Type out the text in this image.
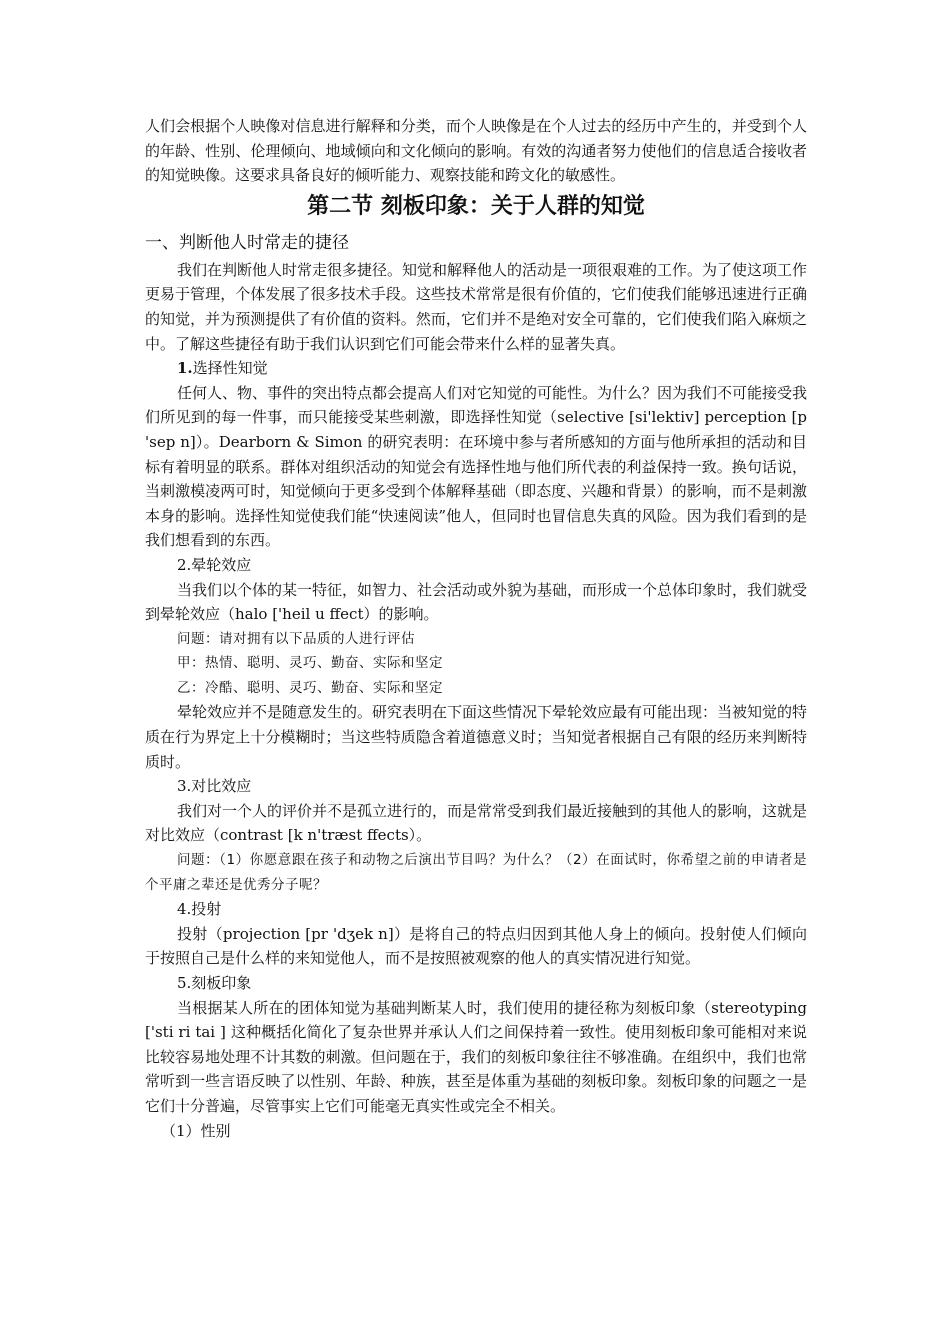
人们会根据个人映像对信息进行解释和分类，而个人映像是在个人过去的经历中产生的，并受到个人的年龄、性别、伦理倾向、地域倾向和文化倾向的影响。有效的沟通者努力使他们的信息适合接收者的知觉映像。这要求具备良好的倾听能力、观察技能和跨文化的敏感性。

第二节 刻板印象：关于人群的知觉
一、判断他人时常走的捷径

我们在判断他人时常走很多捷径。知觉和解释他人的活动是一项很艰难的工作。为了使这项工作更易于管理，个体发展了很多技术手段。这些技术常常是很有价值的，它们使我们能够迅速进行正确的知觉，并为预测提供了有价值的资料。然而，它们并不是绝对安全可靠的，它们使我们陷入麻烦之中。了解这些捷径有助于我们认识到它们可能会带来什么样的显著失真。

1.选择性知觉

任何人、物、事件的突出特点都会提高人们对它知觉的可能性。为什么？因为我们不可能接受我们所见到的每一件事，而只能接受某些刺激，即选择性知觉（selective [si'lektiv] perception [p 'sep n]）。Dearborn & Simon 的研究表明：在环境中参与者所感知的方面与他所承担的活动和目标有着明显的联系。群体对组织活动的知觉会有选择性地与他们所代表的利益保持一致。换句话说，当刺激模凌两可时，知觉倾向于更多受到个体解释基础（即态度、兴趣和背景）的影响，而不是刺激本身的影响。选择性知觉使我们能“快速阅读”他人，但同时也冒信息失真的风险。因为我们看到的是我们想看到的东西。

2.晕轮效应

当我们以个体的某一特征，如智力、社会活动或外貌为基础，而形成一个总体印象时，我们就受到晕轮效应（halo ['heil u ffect）的影响。

问题：请对拥有以下品质的人进行评估

甲：热情、聪明、灵巧、勤奋、实际和坚定

乙：冷酷、聪明、灵巧、勤奋、实际和坚定

晕轮效应并不是随意发生的。研究表明在下面这些情况下晕轮效应最有可能出现：当被知觉的特质在行为界定上十分模糊时；当这些特质隐含着道德意义时；当知觉者根据自己有限的经历来判断特质时。

3.对比效应

我们对一个人的评价并不是孤立进行的，而是常常受到我们最近接触到的其他人的影响，这就是对比效应（contrast [k n'træst ffects）。

问题：（1）你愿意跟在孩子和动物之后演出节目吗？为什么？（2）在面试时，你希望之前的申请者是个平庸之辈还是优秀分子呢？

4.投射

投射（projection [pr 'dʒek n]）是将自己的特点归因到其他人身上的倾向。投射使人们倾向于按照自己是什么样的来知觉他人，而不是按照被观察的他人的真实情况进行知觉。

5.刻板印象

当根据某人所在的团体知觉为基础判断某人时，我们使用的捷径称为刻板印象（stereotyping ['sti ri tai ] 这种概括化简化了复杂世界并承认人们之间保持着一致性。使用刻板印象可能相对来说比较容易地处理不计其数的刺激。但问题在于，我们的刻板印象往往不够准确。在组织中，我们也常常听到一些言语反映了以性别、年龄、种族，甚至是体重为基础的刻板印象。刻板印象的问题之一是它们十分普遍，尽管事实上它们可能毫无真实性或完全不相关。

（1）性别
